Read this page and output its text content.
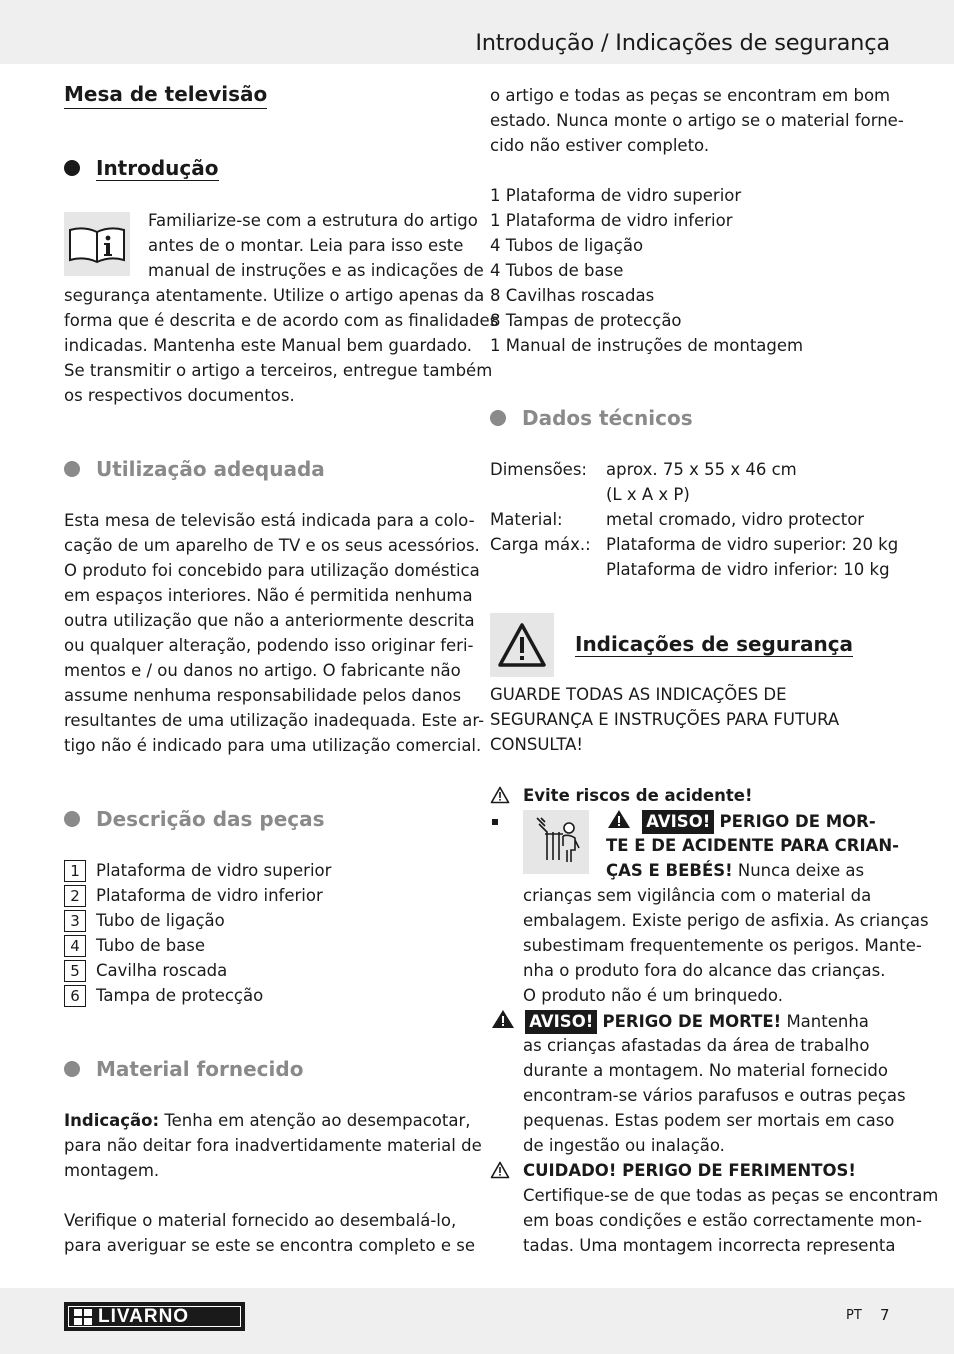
Introdução / Indicações de segurança
Mesa de televisão
Introdução
Familiarize-se com a estrutura do artigo
antes de o montar. Leia para isso este
manual de instruções e as indicações de
segurança atentamente. Utilize o artigo apenas da
forma que é descrita e de acordo com as finalidades
indicadas. Mantenha este Manual bem guardado.
Se transmitir o artigo a terceiros, entregue também
os respectivos documentos.
Utilização adequada
Esta mesa de televisão está indicada para a colo-
cação de um aparelho de TV e os seus acessórios.
O produto foi concebido para utilização doméstica
em espaços interiores. Não é permitida nenhuma
outra utilização que não a anteriormente descrita
ou qualquer alteração, podendo isso originar feri-
mentos e / ou danos no artigo. O fabricante não
assume nenhuma responsabilidade pelos danos
resultantes de uma utilização inadequada. Este ar-
tigo não é indicado para uma utilização comercial.
Descrição das peças
1 Plataforma de vidro superior
2 Plataforma de vidro inferior
3 Tubo de ligação
4 Tubo de base
5 Cavilha roscada
6 Tampa de protecção
Material fornecido
Indicação: Tenha em atenção ao desempacotar,
para não deitar fora inadvertidamente material de
montagem.
Verifique o material fornecido ao desembalá-lo,
para averiguar se este se encontra completo e se
o artigo e todas as peças se encontram em bom
estado. Nunca monte o artigo se o material forne-
cido não estiver completo.
1 Plataforma de vidro superior
1 Plataforma de vidro inferior
4 Tubos de ligação
4 Tubos de base
8 Cavilhas roscadas
8 Tampas de protecção
1 Manual de instruções de montagem
Dados técnicos
Dimensões: aprox. 75 x 55 x 46 cm
(L x A x P)
Material:	metal cromado, vidro protector
Carga máx.: Plataforma de vidro superior: 20 kg
Plataforma de vidro inferior: 10 kg
Indicações de segurança
GUARDE TODAS AS INDICAÇÕES DE
SEGURANÇA E INSTRUÇÕES PARA FUTURA
CONSULTA!
Evite riscos de acidente!
AVISO! PERIGO DE MOR-
TE E DE ACIDENTE PARA CRIAN-
ÇAS E BEBÉS! Nunca deixe as
crianças sem vigilância com o material da
embalagem. Existe perigo de asfixia. As crianças
subestimam frequentemente os perigos. Mante-
nha o produto fora do alcance das crianças.
O produto não é um brinquedo.
AVISO! PERIGO DE MORTE! Mantenha
as crianças afastadas da área de trabalho
durante a montagem. No material fornecido
encontram-se vários parafusos e outras peças
pequenas. Estas podem ser mortais em caso
de ingestão ou inalação.
CUIDADO! PERIGO DE FERIMENTOS!
Certifique-se de que todas as peças se encontram
em boas condições e estão correctamente mon-
tadas. Uma montagem incorrecta representa
LIVARNO	PT 7
